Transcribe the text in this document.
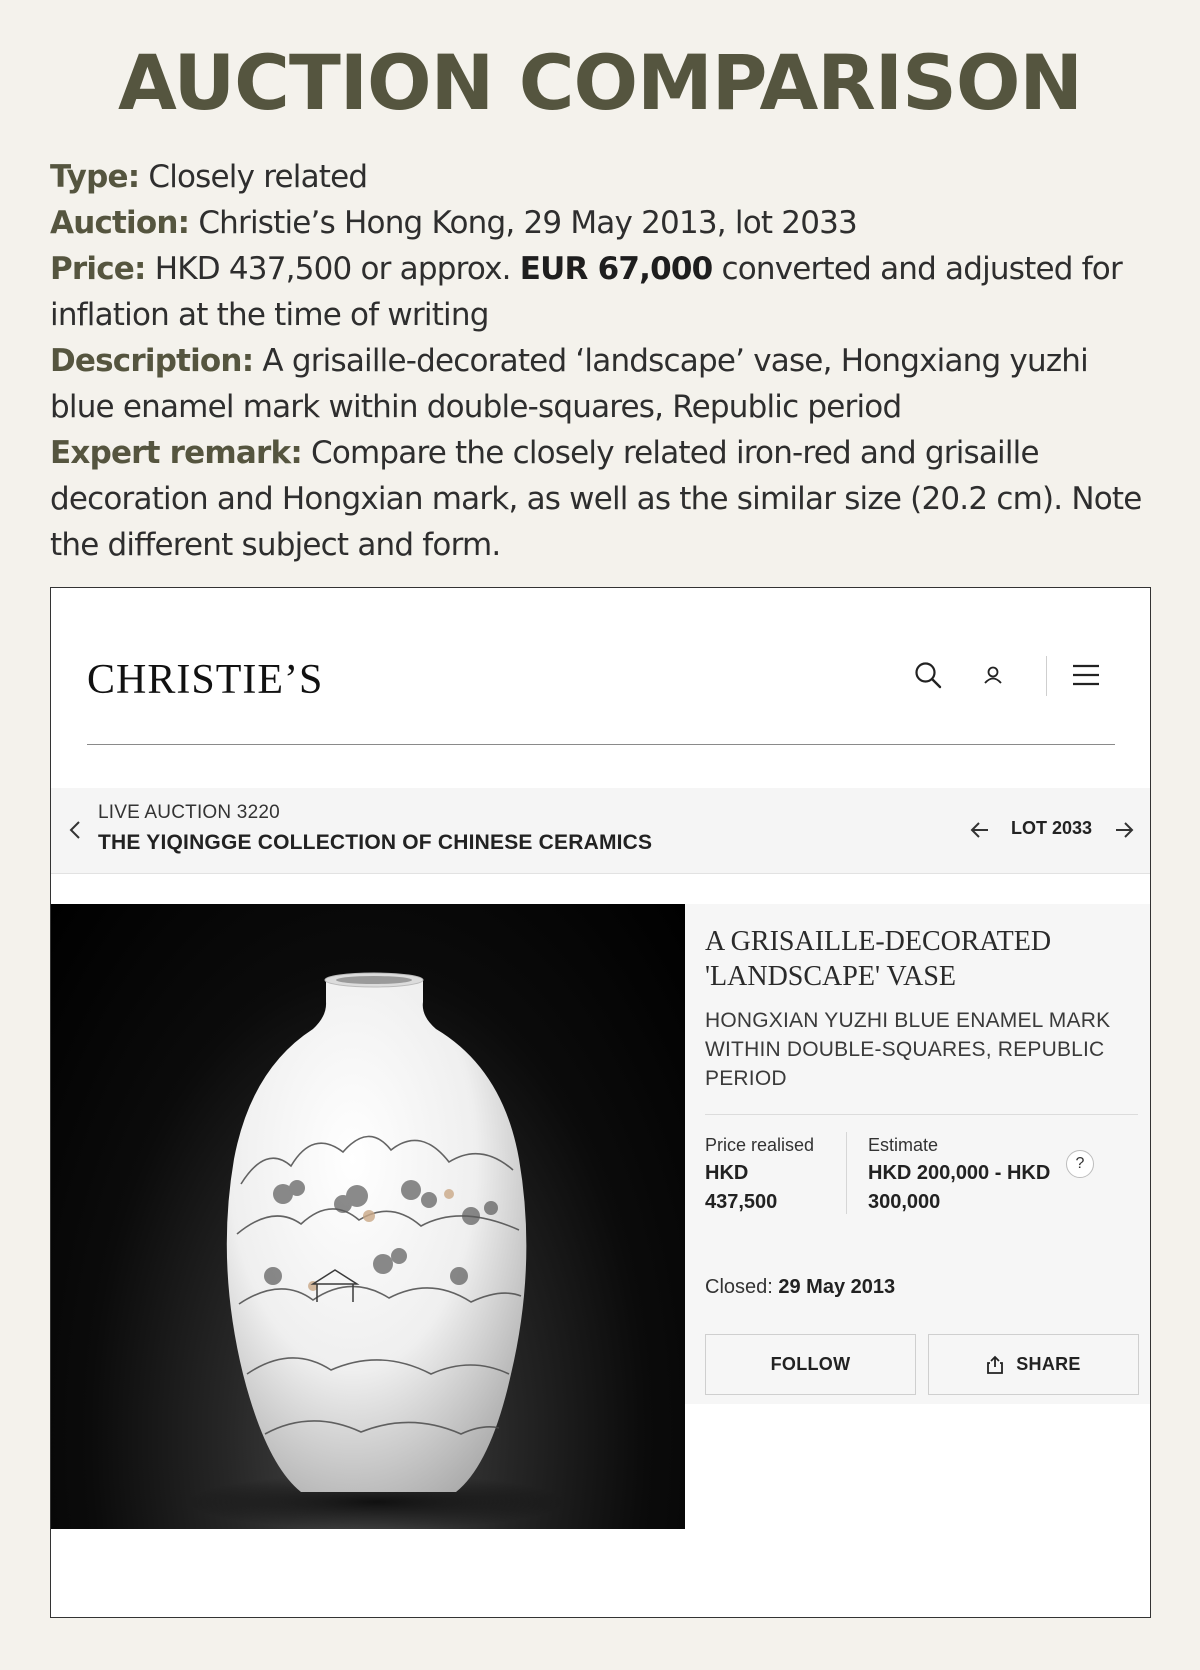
AUCTION COMPARISON
Type: Closely related
Auction: Christie’s Hong Kong, 29 May 2013, lot 2033
Price: HKD 437,500 or approx. EUR 67,000 converted and adjusted for inflation at the time of writing
Description: A grisaille-decorated ‘landscape’ vase, Hongxiang yuzhi blue enamel mark within double-squares, Republic period
Expert remark: Compare the closely related iron-red and grisaille decoration and Hongxian mark, as well as the similar size (20.2 cm). Note the different subject and form.
CHRISTIE’S
LIVE AUCTION 3220
THE YIQINGGE COLLECTION OF CHINESE CERAMICS
LOT 2033
A GRISAILLE-DECORATED
'LANDSCAPE' VASE
HONGXIAN YUZHI BLUE ENAMEL MARK WITHIN DOUBLE-SQUARES, REPUBLIC PERIOD
Price realised
HKD
437,500
Estimate
HKD 200,000 - HKD
300,000
Closed: 29 May 2013
FOLLOW	SHARE
?
